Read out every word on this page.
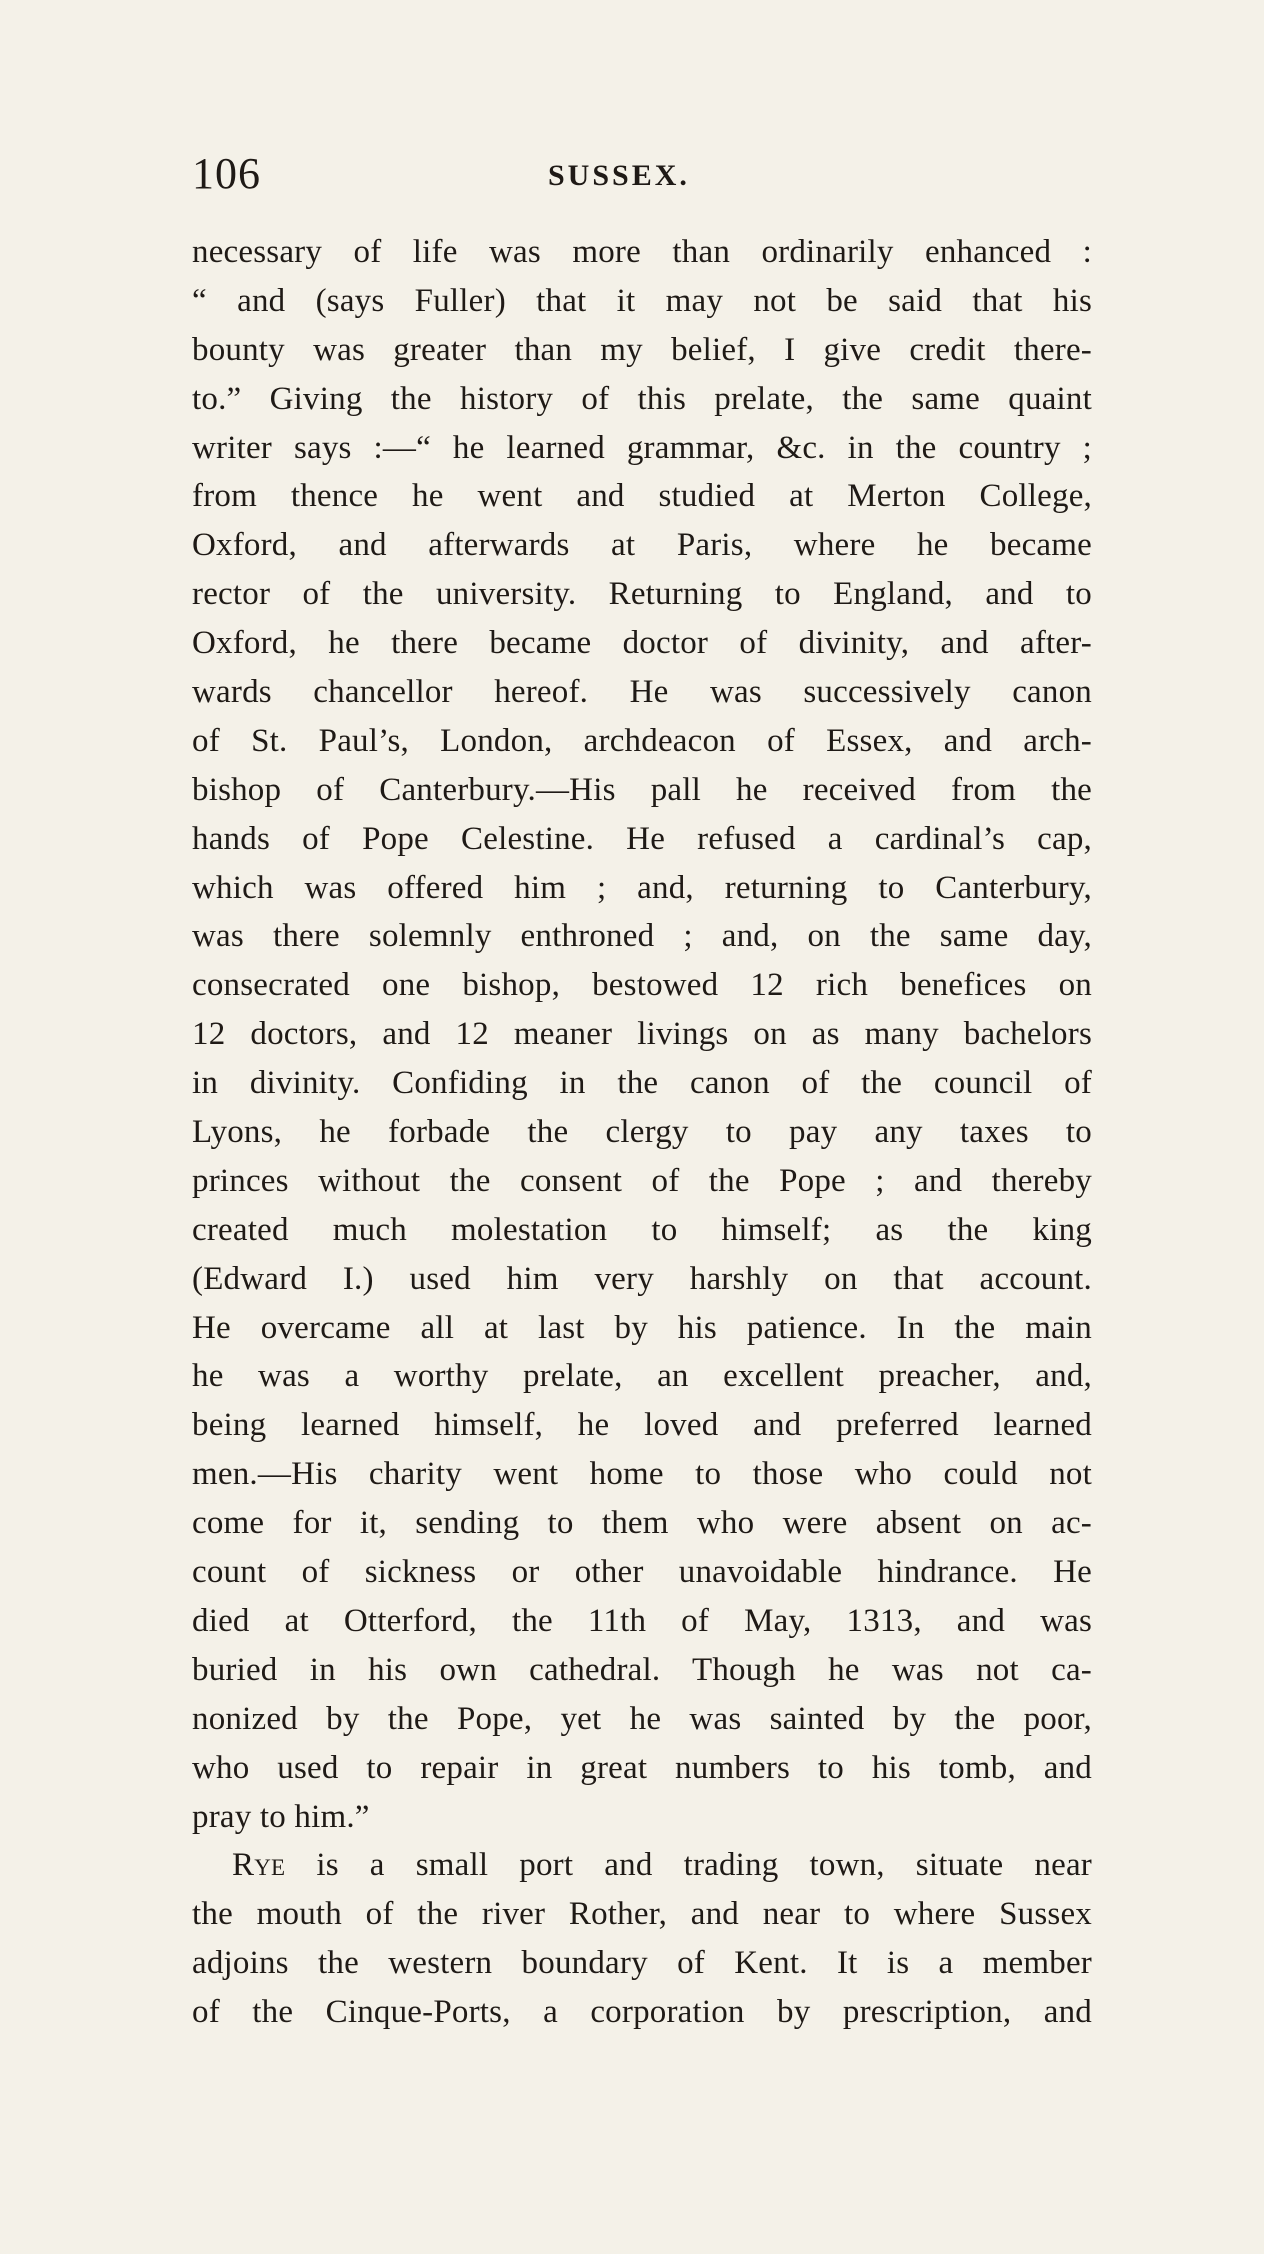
106	SUSSEX.
necessary of life was more than ordinarily enhanced :
“ and (says Fuller) that it may not be said that his
bounty was greater than my belief, I give credit there-
to.” Giving the history of this prelate, the same quaint
writer says :—“ he learned grammar, &c. in the country ;
from thence he went and studied at Merton College,
Oxford, and afterwards at Paris, where he became
rector of the university. Returning to England, and to
Oxford, he there became doctor of divinity, and after-
wards chancellor hereof. He was successively canon
of St. Paul’s, London, archdeacon of Essex, and arch-
bishop of Canterbury.—His pall he received from the
hands of Pope Celestine. He refused a cardinal’s cap,
which was offered him ; and, returning to Canterbury,
was there solemnly enthroned ; and, on the same day,
consecrated one bishop, bestowed 12 rich benefices on
12 doctors, and 12 meaner livings on as many bachelors
in divinity. Confiding in the canon of the council of
Lyons, he forbade the clergy to pay any taxes to
princes without the consent of the Pope ; and thereby
created much molestation to himself; as the king
(Edward I.) used him very harshly on that account.
He overcame all at last by his patience. In the main
he was a worthy prelate, an excellent preacher, and,
being learned himself, he loved and preferred learned
men.—His charity went home to those who could not
come for it, sending to them who were absent on ac-
count of sickness or other unavoidable hindrance. He
died at Otterford, the 11th of May, 1313, and was
buried in his own cathedral. Though he was not ca-
nonized by the Pope, yet he was sainted by the poor,
who used to repair in great numbers to his tomb, and
pray to him.”
Rye is a small port and trading town, situate near
the mouth of the river Rother, and near to where Sussex
adjoins the western boundary of Kent. It is a member
of the Cinque-Ports, a corporation by prescription, and
